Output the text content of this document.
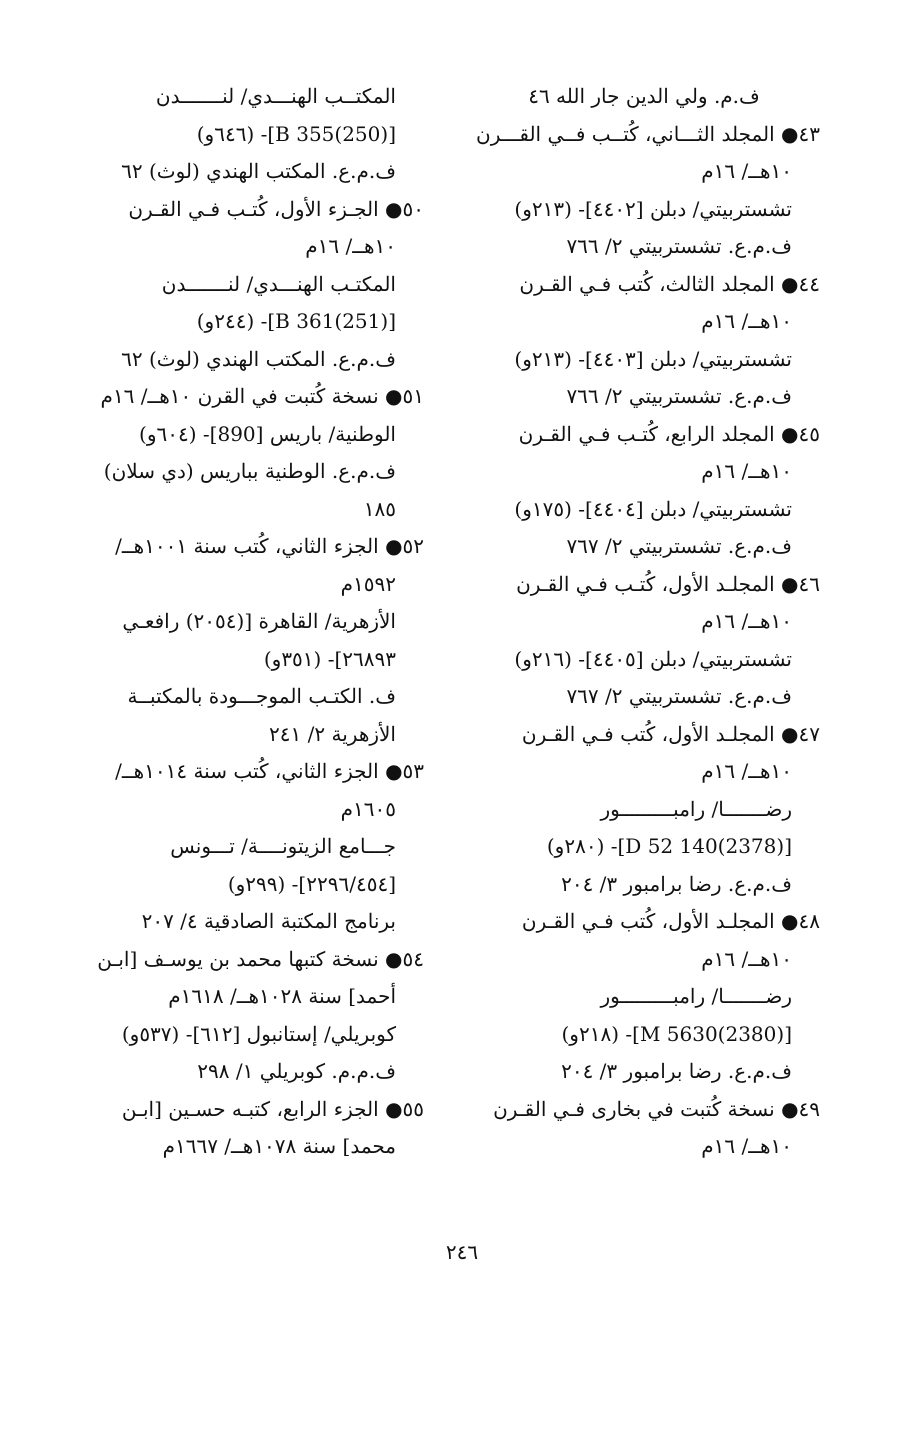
ف.م. ولي الدين جار الله ٤٦
٤٣● المجلد الثـــاني، كُتــب فــي القـــرن
١٠هــ/ ١٦م
تشستربيتي/ دبلن [٤٤٠٢]- (٢١٣و)
ف.م.ع. تشستربيتي ٢/ ٧٦٦
٤٤● المجلد الثالث، كُتب فـي القـرن
١٠هــ/ ١٦م
تشستربيتي/ دبلن [٤٤٠٣]- (٢١٣و)
ف.م.ع. تشستربيتي ٢/ ٧٦٦
٤٥● المجلد الرابع، كُتـب فـي القـرن
١٠هــ/ ١٦م
تشستربيتي/ دبلن [٤٤٠٤]- (١٧٥و)
ف.م.ع. تشستربيتي ٢/ ٧٦٧
٤٦● المجلـد الأول، كُتـب فـي القـرن
١٠هــ/ ١٦م
تشستربيتي/ دبلن [٤٤٠٥]- (٢١٦و)
ف.م.ع. تشستربيتي ٢/ ٧٦٧
٤٧● المجلـد الأول، كُتب فـي القـرن
١٠هــ/ ١٦م
رضـــــــا/ رامبـــــــــور
[D 52 140(2378)]- (٢٨٠و)
ف.م.ع. رضا برامبور ٣/ ٢٠٤
٤٨● المجلـد الأول، كُتب فـي القـرن
١٠هــ/ ١٦م
رضـــــــا/ رامبـــــــــور
[M 5630(2380)]- (٢١٨و)
ف.م.ع. رضا برامبور ٣/ ٢٠٤
٤٩● نسخة كُتبت في بخارى فـي القـرن
١٠هــ/ ١٦م
المكتــب الهنـــدي/ لنـــــــدن
[B 355(250)]- (٦٤٦و)
ف.م.ع. المكتب الهندي (لوث) ٦٢
٥٠● الجـزء الأول، كُتـب فـي القـرن
١٠هــ/ ١٦م
المكتـب الهنـــدي/ لنـــــــدن
[B 361(251)]- (٢٤٤و)
ف.م.ع. المكتب الهندي (لوث) ٦٢
٥١● نسخة كُتبت في القرن ١٠هــ/ ١٦م
الوطنية/ باريس [890]- (٦٠٤و)
ف.م.ع. الوطنية بباريس (دي سلان)
١٨٥
٥٢● الجزء الثاني، كُتب سنة ١٠٠١هــ/
١٥٩٢م
الأزهرية/ القاهرة [(٢٠٥٤) رافعـي
٢٦٨٩٣]- (٣٥١و)
ف. الكتـب الموجـــودة بالمكتبــة
الأزهرية ٢/ ٢٤١
٥٣● الجزء الثاني، كُتب سنة ١٠١٤هــ/
١٦٠٥م
جـــامع الزيتونــــة/ تـــونس
[٢٢٩٦/٤٥٤]- (٢٩٩و)
برنامج المكتبة الصادقية ٤/ ٢٠٧
٥٤● نسخة كتبها محمد بن يوسـف [ابـن
أحمد] سنة ١٠٢٨هــ/ ١٦١٨م
كوبريلي/ إستانبول [٦١٢]- (٥٣٧و)
ف.م.م. كوبريلي ١/ ٢٩٨
٥٥● الجزء الرابع، كتبـه حسـين [ابـن
محمد] سنة ١٠٧٨هــ/ ١٦٦٧م
٢٤٦
